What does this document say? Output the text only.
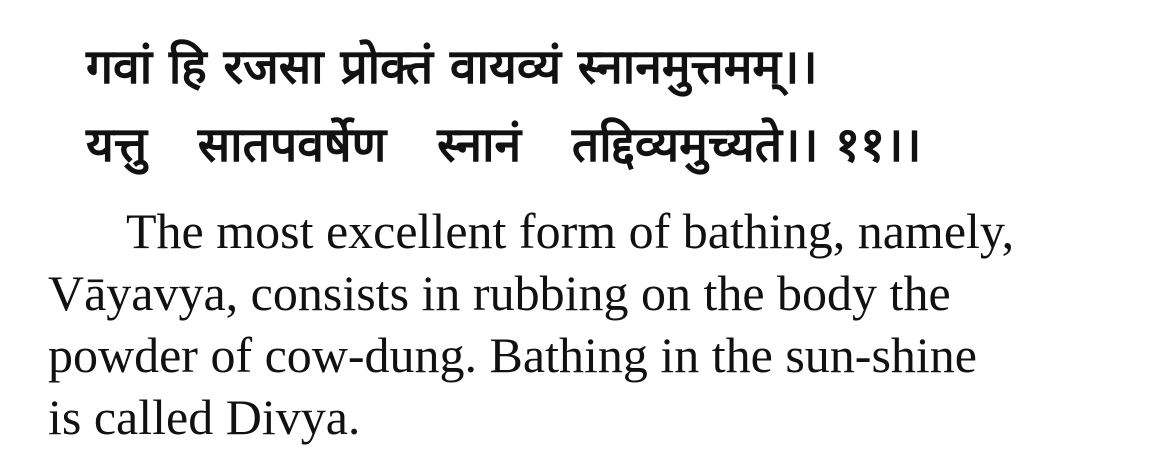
गवां हि रजसा प्रोक्तं वायव्यं स्नानमुत्तमम्।।
यत्तु सातपवर्षेण स्नानं तद्दिव्यमुच्यते।। ११।।

The most excellent form of bathing, namely,
Vāyavya, consists in rubbing on the body the
powder of cow-dung. Bathing in the sun-shine
is called Divya.
